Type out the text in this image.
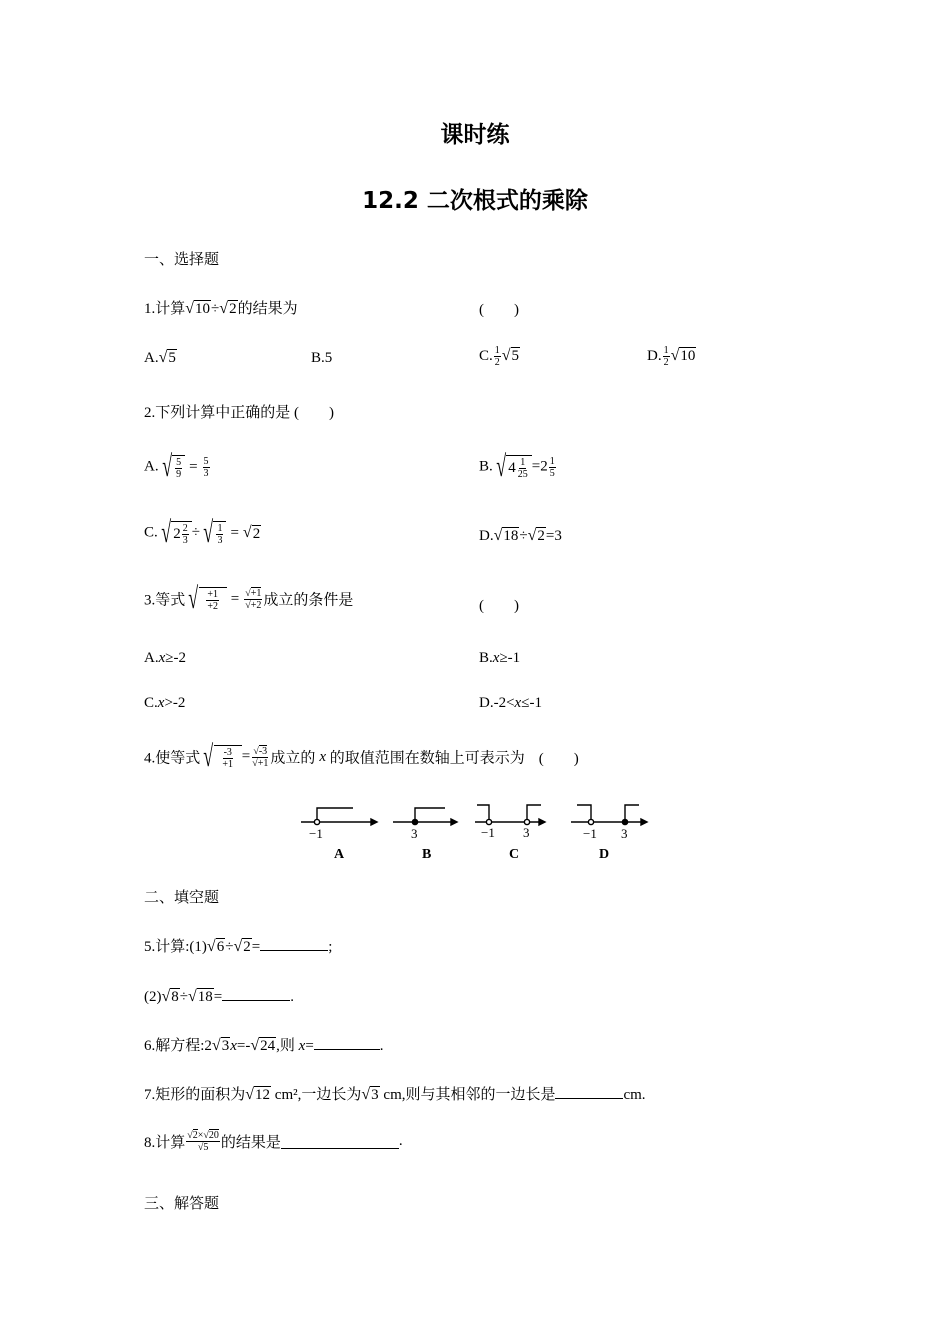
课时练
12.2 二次根式的乘除
一、选择题
1.计算√10÷√2的结果为	(　　)
A.√5	B.5	C. $\frac{1}{2} √5$	D. $\frac{1}{2} √10$
2.下列计算中正确的是 (　　)
A. √ $\frac{5}{9} = \frac{5}{3}$	B. √ $4 \frac{1}{25} =2 \frac{1}{5}$
C. √ $2 \frac{2}{3}$ ÷ √ $\frac{1}{3} = √2$	D.√18÷√2=3
3.等式 √ $\frac{+1}{+2} = \frac{√+1}{√+2}$ 成立的条件是	(　　)
A.x≥-2	B.x≥-1
C.x>-2	D.-2<x≤-1
4.使等式 √ $\frac{-3}{+1} = \frac{√-3}{√+1}$ 成立的 x 的取值范围在数轴上可表示为 (　　)
−1	3	−1 3	−1 3
A	B	C	D
二、填空题
5.计算:(1)√6÷√2=	;
(2)√8÷√18=	.
6.解方程:2√3x=-√24,则 x=	.
7.矩形的面积为√12 cm²,一边长为√3 cm,则与其相邻的一边长是	cm.
8.计算 $\frac{√2\times√20}{√5}$ 的结果是	.
三、解答题
